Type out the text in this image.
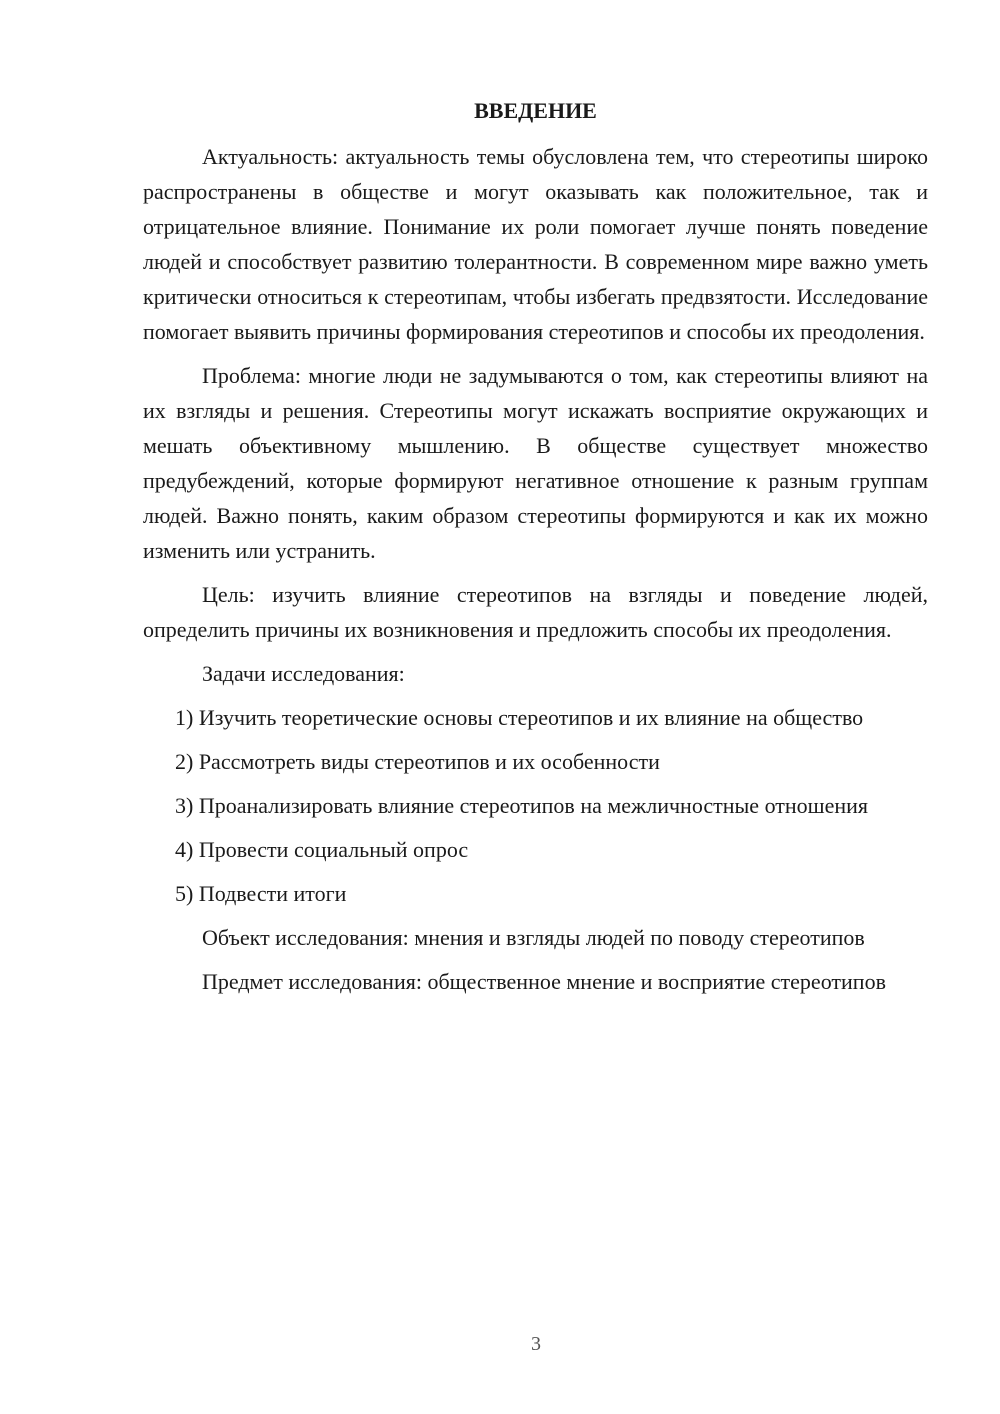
ВВЕДЕНИЕ

Актуальность: актуальность темы обусловлена тем, что стереотипы широко распространены в обществе и могут оказывать как положительное, так и отрицательное влияние. Понимание их роли помогает лучше понять поведение людей и способствует развитию толерантности. В современном мире важно уметь критически относиться к стереотипам, чтобы избегать предвзятости. Исследование помогает выявить причины формирования стереотипов и способы их преодоления.

Проблема: многие люди не задумываются о том, как стереотипы влияют на их взгляды и решения. Стереотипы могут искажать восприятие окружающих и мешать объективному мышлению. В обществе существует множество предубеждений, которые формируют негативное отношение к разным группам людей. Важно понять, каким образом стереотипы формируются и как их можно изменить или устранить.

Цель: изучить влияние стереотипов на взгляды и поведение людей, определить причины их возникновения и предложить способы их преодоления.

Задачи исследования:

1) Изучить теоретические основы стереотипов и их влияние на общество

2) Рассмотреть виды стереотипов и их особенности

3) Проанализировать влияние стереотипов на межличностные отношения

4) Провести социальный опрос

5) Подвести итоги

Объект исследования: мнения и взгляды людей по поводу стереотипов

Предмет исследования: общественное мнение и восприятие стереотипов

3
